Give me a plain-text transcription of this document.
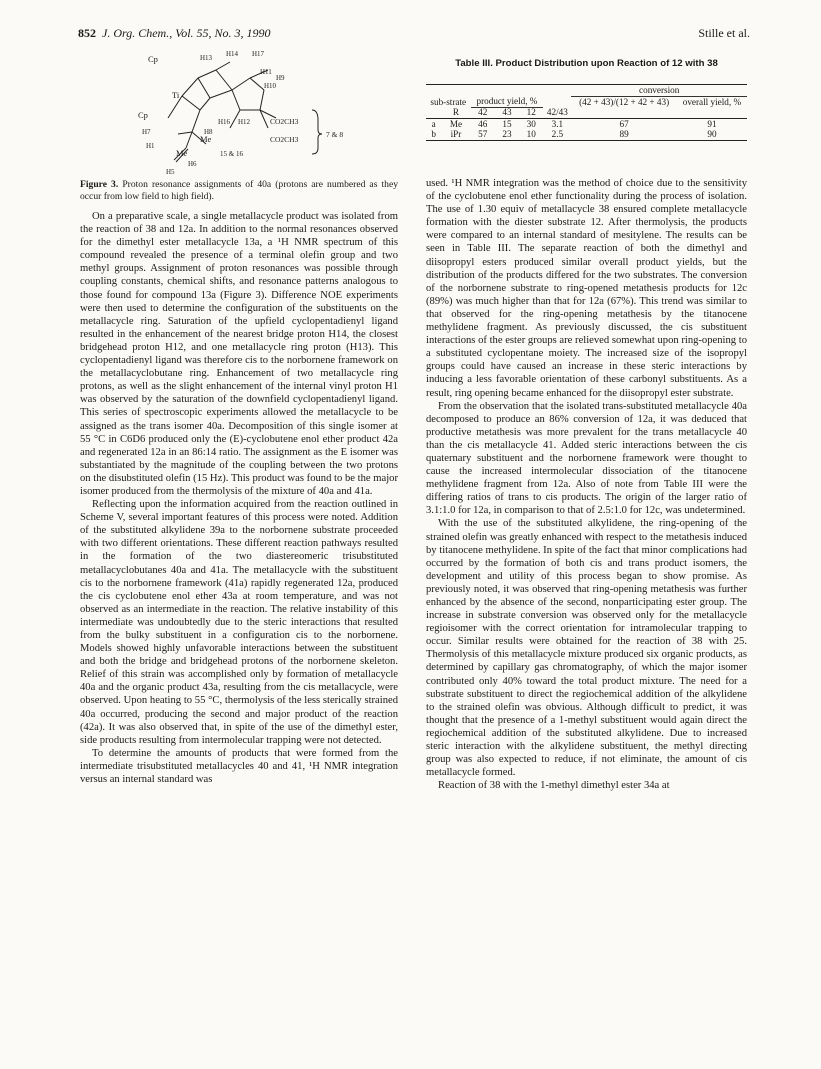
852 J. Org. Chem., Vol. 55, No. 3, 1990	Stille et al.
Cp
Ti
H13 H14 H17
H11
H9
H10
Cp
H7
H16 H12
H8
Me
Me
H5
H6
CO2CH3
CO2CH3
7 & 8
15 & 16
H1
Figure 3. Proton resonance assignments of 40a (protons are numbered as they occur from low field to high field).

On a preparative scale, a single metallacycle product was isolated from the reaction of 38 and 12a. In addition to the normal resonances observed for the dimethyl ester metallacycle 13a, a ¹H NMR spectrum of this compound revealed the presence of a terminal olefin group and two methyl groups. Assignment of proton resonances was possible through coupling constants, chemical shifts, and resonance patterns analogous to those found for compound 13a (Figure 3). Difference NOE experiments were then used to determine the configuration of the substituents on the metallacycle ring. Saturation of the upfield cyclopentadienyl ligand resulted in the enhancement of the nearest bridge proton H14, the closest bridgehead proton H12, and one metallacycle ring proton (H13). This cyclopentadienyl ligand was therefore cis to the norbornene framework on the metallacyclobutane ring. Enhancement of two metallacycle ring protons, as well as the slight enhancement of the internal vinyl proton H1 was observed by the saturation of the downfield cyclopentadienyl ligand. This series of spectroscopic experiments allowed the metallacycle to be assigned as the trans isomer 40a. Decomposition of this single isomer at 55 °C in C6D6 produced only the (E)-cyclobutene enol ether product 42a and regenerated 12a in an 86:14 ratio. The assignment as the E isomer was substantiated by the magnitude of the coupling between the two protons on the disubstituted olefin (15 Hz). This product was found to be the major isomer produced from the thermolysis of the mixture of 40a and 41a.

Reflecting upon the information acquired from the reaction outlined in Scheme V, several important features of this process were noted. Addition of the substituted alkylidene 39a to the norbornene substrate proceeded with two different orientations. These different reaction pathways resulted in the formation of the two diastereomeric trisubstituted metallacyclobutanes 40a and 41a. The metallacycle with the substituent cis to the norbornene framework (41a) rapidly regenerated 12a, produced the cis cyclobutene enol ether 43a at room temperature, and was not observed as an intermediate in the reaction. The relative instability of this intermediate was undoubtedly due to the steric interactions that resulted from the bulky substituent in a configuration cis to the norbornene. Models showed highly unfavorable interactions between the substituent and both the bridge and bridgehead protons of the norbornene skeleton. Relief of this strain was accomplished only by formation of metallacycle 40a and the organic product 43a, resulting from the cis metallacycle, were observed. Upon heating to 55 °C, thermolysis of the less sterically strained 40a occurred, producing the second and major product of the reaction (42a). It was also observed that, in spite of the use of the dimethyl ester, side products resulting from intermolecular trapping were not detected.

To determine the amounts of products that were formed from the intermediate trisubstituted metallacycles 40 and 41, ¹H NMR integration versus an internal standard was

Table III. Product Distribution upon Reaction of 12 with 38
						conversion	
sub-strate		product yield, %				(42 + 43)/(12 + 42 + 43)	overall yield, %

	R	42	43	12	42/43		
a	Me	46	15	30	3.1	67	91
b	iPr	57	23	10	2.5	89	90

used. ¹H NMR integration was the method of choice due to the sensitivity of the cyclobutene enol ether functionality during the process of isolation. The use of 1.30 equiv of metallacycle 38 ensured complete metallacycle formation with the diester substrate 12. After thermolysis, the products were compared to an internal standard of mesitylene. The results can be seen in Table III. The separate reaction of both the dimethyl and diisopropyl esters produced similar overall product yields, but the distribution of the products differed for the two substrates. The conversion of the norbornene substrate to ring-opened metathesis products for 12c (89%) was much higher than that for 12a (67%). This trend was similar to that observed for the ring-opening metathesis by the titanocene methylidene fragment. As previously discussed, the cis substituent interactions of the ester groups are relieved somewhat upon ring-opening to a substituted cyclopentane moiety. The increased size of the isopropyl groups could have caused an increase in these steric interactions by inducing a less favorable orientation of these carbonyl substituents. As a result, ring opening became enhanced for the diisopropyl ester substrate.

From the observation that the isolated trans-substituted metallacycle 40a decomposed to produce an 86% conversion of 12a, it was deduced that productive metathesis was more prevalent for the trans metallacycle 40 than the cis metallacycle 41. Added steric interactions between the cis quaternary substituent and the norbornene framework were thought to cause the increased intermolecular dissociation of the titanocene methylidene fragment from 12a. Also of note from Table III were the differing ratios of trans to cis products. The origin of the larger ratio of 3.1:1.0 for 12a, in comparison to that of 2.5:1.0 for 12c, was undetermined.

With the use of the substituted alkylidene, the ring-opening of the strained olefin was greatly enhanced with respect to the metathesis induced by titanocene methylidene. In spite of the fact that minor complications had occurred by the formation of both cis and trans product isomers, the development and utility of this process began to show promise. As previously noted, it was observed that ring-opening metathesis was further enhanced by the absence of the second, nonparticipating ester group. The increase in substrate conversion was observed only for the metallacycle regioisomer with the correct orientation for intramolecular trapping to occur. Similar results were obtained for the reaction of 38 with 25. Thermolysis of this metallacycle mixture produced six organic products, as determined by capillary gas chromatography, of which the major isomer contributed only 40% toward the total product mixture. The need for a substrate substituent to direct the regiochemical addition of the alkylidene to the strained olefin was obvious. Although difficult to predict, it was thought that the presence of a 1-methyl substituent would again direct the regiochemical addition of the substituted alkylidene. Due to increased steric interaction with the alkylidene substituent, the methyl directing group was also expected to reduce, if not eliminate, the amount of cis metallacycle formed.

Reaction of 38 with the 1-methyl dimethyl ester 34a at
